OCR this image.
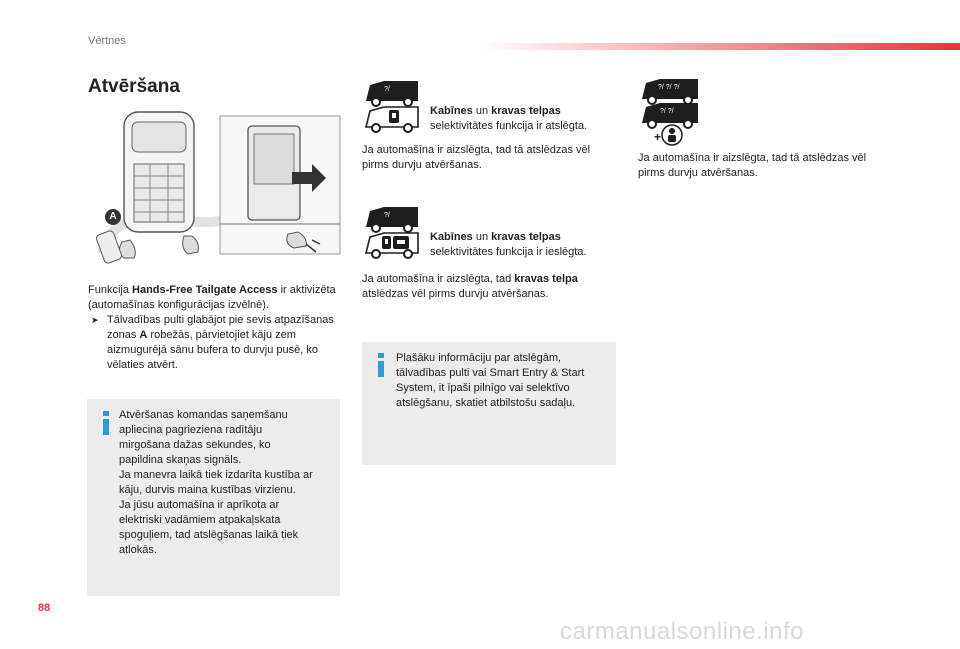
Vērtnes
Atvēršana
A
Funkcija Hands-Free Tailgate Access ir aktivizēta (automašīnas konfigurācijas izvēlnē).
➤ Tālvadības pulti glabājot pie sevis atpazīšanas zonas A robežās, pārvietojiet kāju zem aizmugurējā sānu bufera to durvju pusē, ko vēlaties atvērt.
Atvēršanas komandas saņemšanu
apliecina pagrieziena radītāju
mirgošana dažas sekundes, ko
papildina skaņas signāls.
Ja manevra laikā tiek izdarīta kustība ar
kāju, durvis maina kustības virzienu.
Ja jūsu automašīna ir aprīkota ar
elektriski vadāmiem atpakaļskata
spoguļiem, tad atslēgšanas laikā tiek
atlokās.
?/
Kabīnes un kravas telpas
selektivitātes funkcija ir atslēgta.
Ja automašīna ir aizslēgta, tad tā atslēdzas vēl
pirms durvju atvēršanas.
?/
Kabīnes un kravas telpas
selektivitātes funkcija ir ieslēgta.
Ja automašīna ir aizslēgta, tad kravas telpa
atslēdzas vēl pirms durvju atvēršanas.
Plašāku informāciju par atslēgām,
tālvadības pulti vai Smart Entry & Start
System, it īpaši pilnīgo vai selektīvo
atslēgšanu, skatiet atbilstošu sadaļu.
?/ ?/ ?/
?/ ?/
+
Ja automašīna ir aizslēgta, tad tā atslēdzas vēl
pirms durvju atvēršanas.
88
carmanualsonline.info
